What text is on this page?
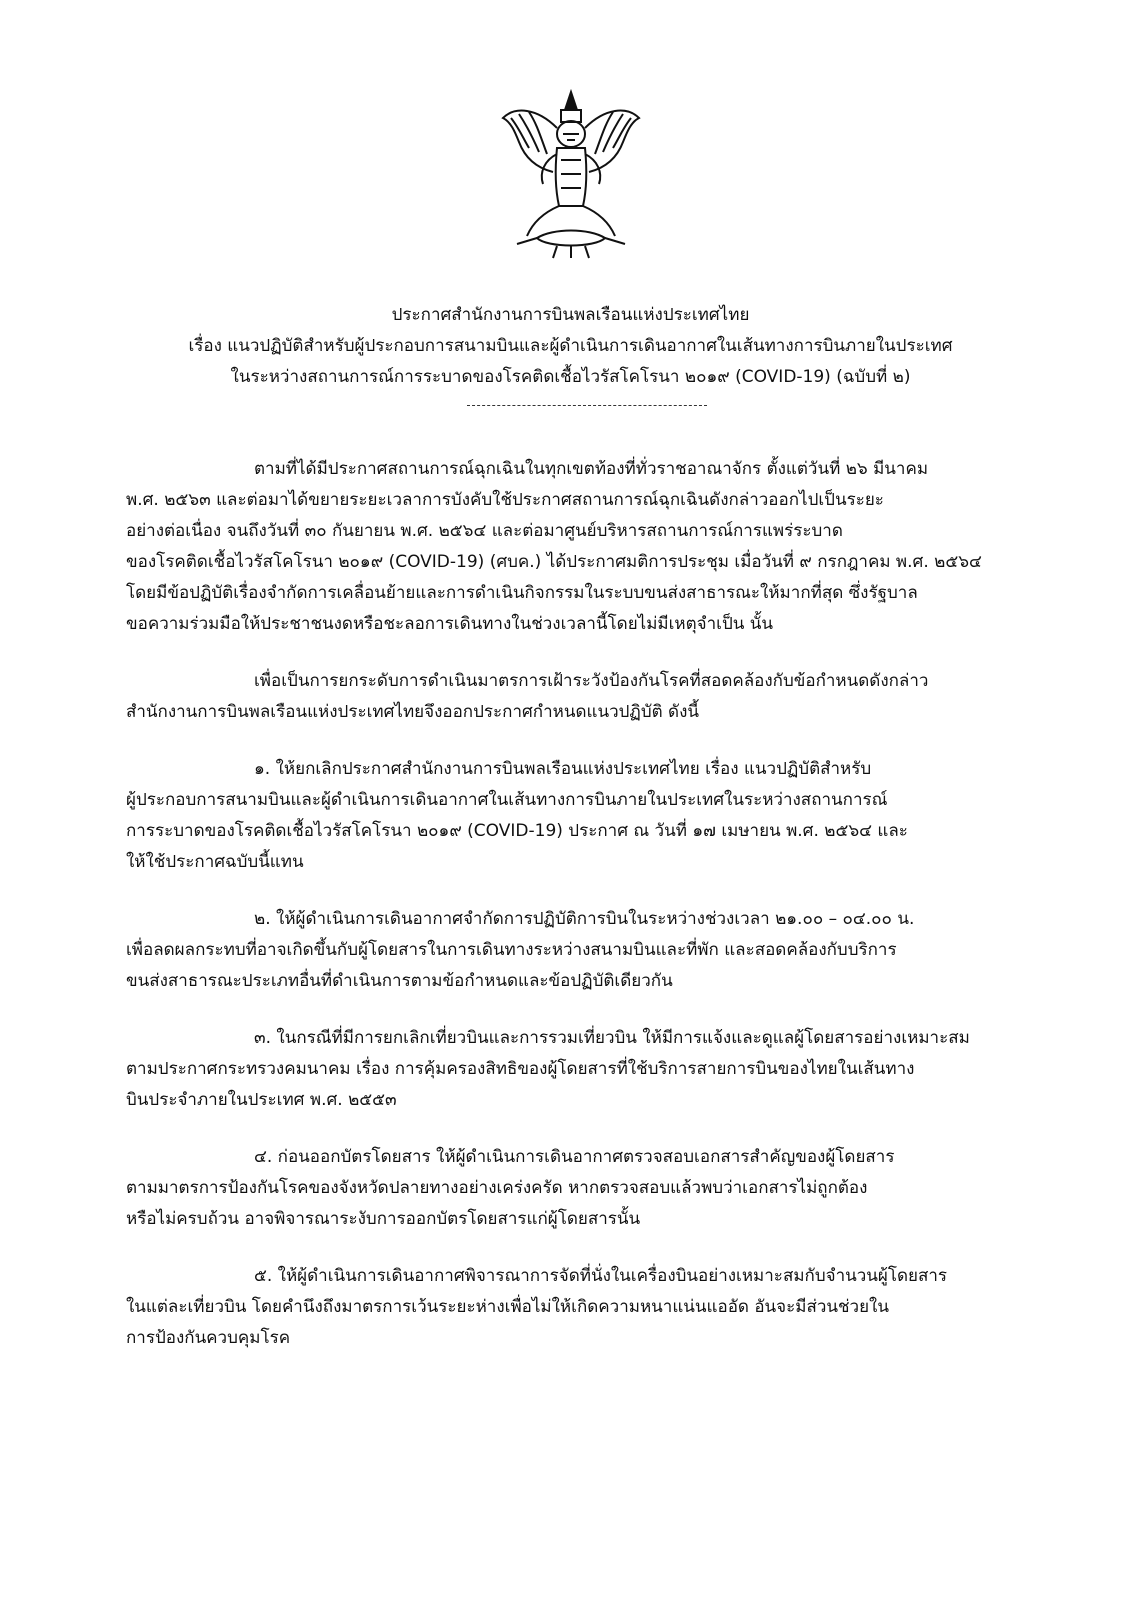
ประกาศสำนักงานการบินพลเรือนแห่งประเทศไทย
เรื่อง แนวปฏิบัติสำหรับผู้ประกอบการสนามบินและผู้ดำเนินการเดินอากาศในเส้นทางการบินภายในประเทศ
ในระหว่างสถานการณ์การระบาดของโรคติดเชื้อไวรัสโคโรนา ๒๐๑๙ (COVID-19) (ฉบับที่ ๒)
ตามที่ได้มีประกาศสถานการณ์ฉุกเฉินในทุกเขตท้องที่ทั่วราชอาณาจักร ตั้งแต่วันที่ ๒๖ มีนาคม
พ.ศ. ๒๕๖๓ และต่อมาได้ขยายระยะเวลาการบังคับใช้ประกาศสถานการณ์ฉุกเฉินดังกล่าวออกไปเป็นระยะ
อย่างต่อเนื่อง จนถึงวันที่ ๓๐ กันยายน พ.ศ. ๒๕๖๔ และต่อมาศูนย์บริหารสถานการณ์การแพร่ระบาด
ของโรคติดเชื้อไวรัสโคโรนา ๒๐๑๙ (COVID-19) (ศบค.) ได้ประกาศมติการประชุม เมื่อวันที่ ๙ กรกฎาคม พ.ศ. ๒๕๖๔
โดยมีข้อปฏิบัติเรื่องจำกัดการเคลื่อนย้ายและการดำเนินกิจกรรมในระบบขนส่งสาธารณะให้มากที่สุด ซึ่งรัฐบาล
ขอความร่วมมือให้ประชาชนงดหรือชะลอการเดินทางในช่วงเวลานี้โดยไม่มีเหตุจำเป็น นั้น
เพื่อเป็นการยกระดับการดำเนินมาตรการเฝ้าระวังป้องกันโรคที่สอดคล้องกับข้อกำหนดดังกล่าว
สำนักงานการบินพลเรือนแห่งประเทศไทยจึงออกประกาศกำหนดแนวปฏิบัติ ดังนี้
๑. ให้ยกเลิกประกาศสำนักงานการบินพลเรือนแห่งประเทศไทย เรื่อง แนวปฏิบัติสำหรับ
ผู้ประกอบการสนามบินและผู้ดำเนินการเดินอากาศในเส้นทางการบินภายในประเทศในระหว่างสถานการณ์
การระบาดของโรคติดเชื้อไวรัสโคโรนา ๒๐๑๙ (COVID-19) ประกาศ ณ วันที่ ๑๗ เมษายน พ.ศ. ๒๕๖๔ และ
ให้ใช้ประกาศฉบับนี้แทน
๒. ให้ผู้ดำเนินการเดินอากาศจำกัดการปฏิบัติการบินในระหว่างช่วงเวลา ๒๑.๐๐ – ๐๔.๐๐ น.
เพื่อลดผลกระทบที่อาจเกิดขึ้นกับผู้โดยสารในการเดินทางระหว่างสนามบินและที่พัก และสอดคล้องกับบริการ
ขนส่งสาธารณะประเภทอื่นที่ดำเนินการตามข้อกำหนดและข้อปฏิบัติเดียวกัน
๓. ในกรณีที่มีการยกเลิกเที่ยวบินและการรวมเที่ยวบิน ให้มีการแจ้งและดูแลผู้โดยสารอย่างเหมาะสม
ตามประกาศกระทรวงคมนาคม เรื่อง การคุ้มครองสิทธิของผู้โดยสารที่ใช้บริการสายการบินของไทยในเส้นทาง
บินประจำภายในประเทศ พ.ศ. ๒๕๕๓
๔. ก่อนออกบัตรโดยสาร ให้ผู้ดำเนินการเดินอากาศตรวจสอบเอกสารสำคัญของผู้โดยสาร
ตามมาตรการป้องกันโรคของจังหวัดปลายทางอย่างเคร่งครัด หากตรวจสอบแล้วพบว่าเอกสารไม่ถูกต้อง
หรือไม่ครบถ้วน อาจพิจารณาระงับการออกบัตรโดยสารแก่ผู้โดยสารนั้น
๕. ให้ผู้ดำเนินการเดินอากาศพิจารณาการจัดที่นั่งในเครื่องบินอย่างเหมาะสมกับจำนวนผู้โดยสาร
ในแต่ละเที่ยวบิน โดยคำนึงถึงมาตรการเว้นระยะห่างเพื่อไม่ให้เกิดความหนาแน่นแออัด อันจะมีส่วนช่วยใน
การป้องกันควบคุมโรค
